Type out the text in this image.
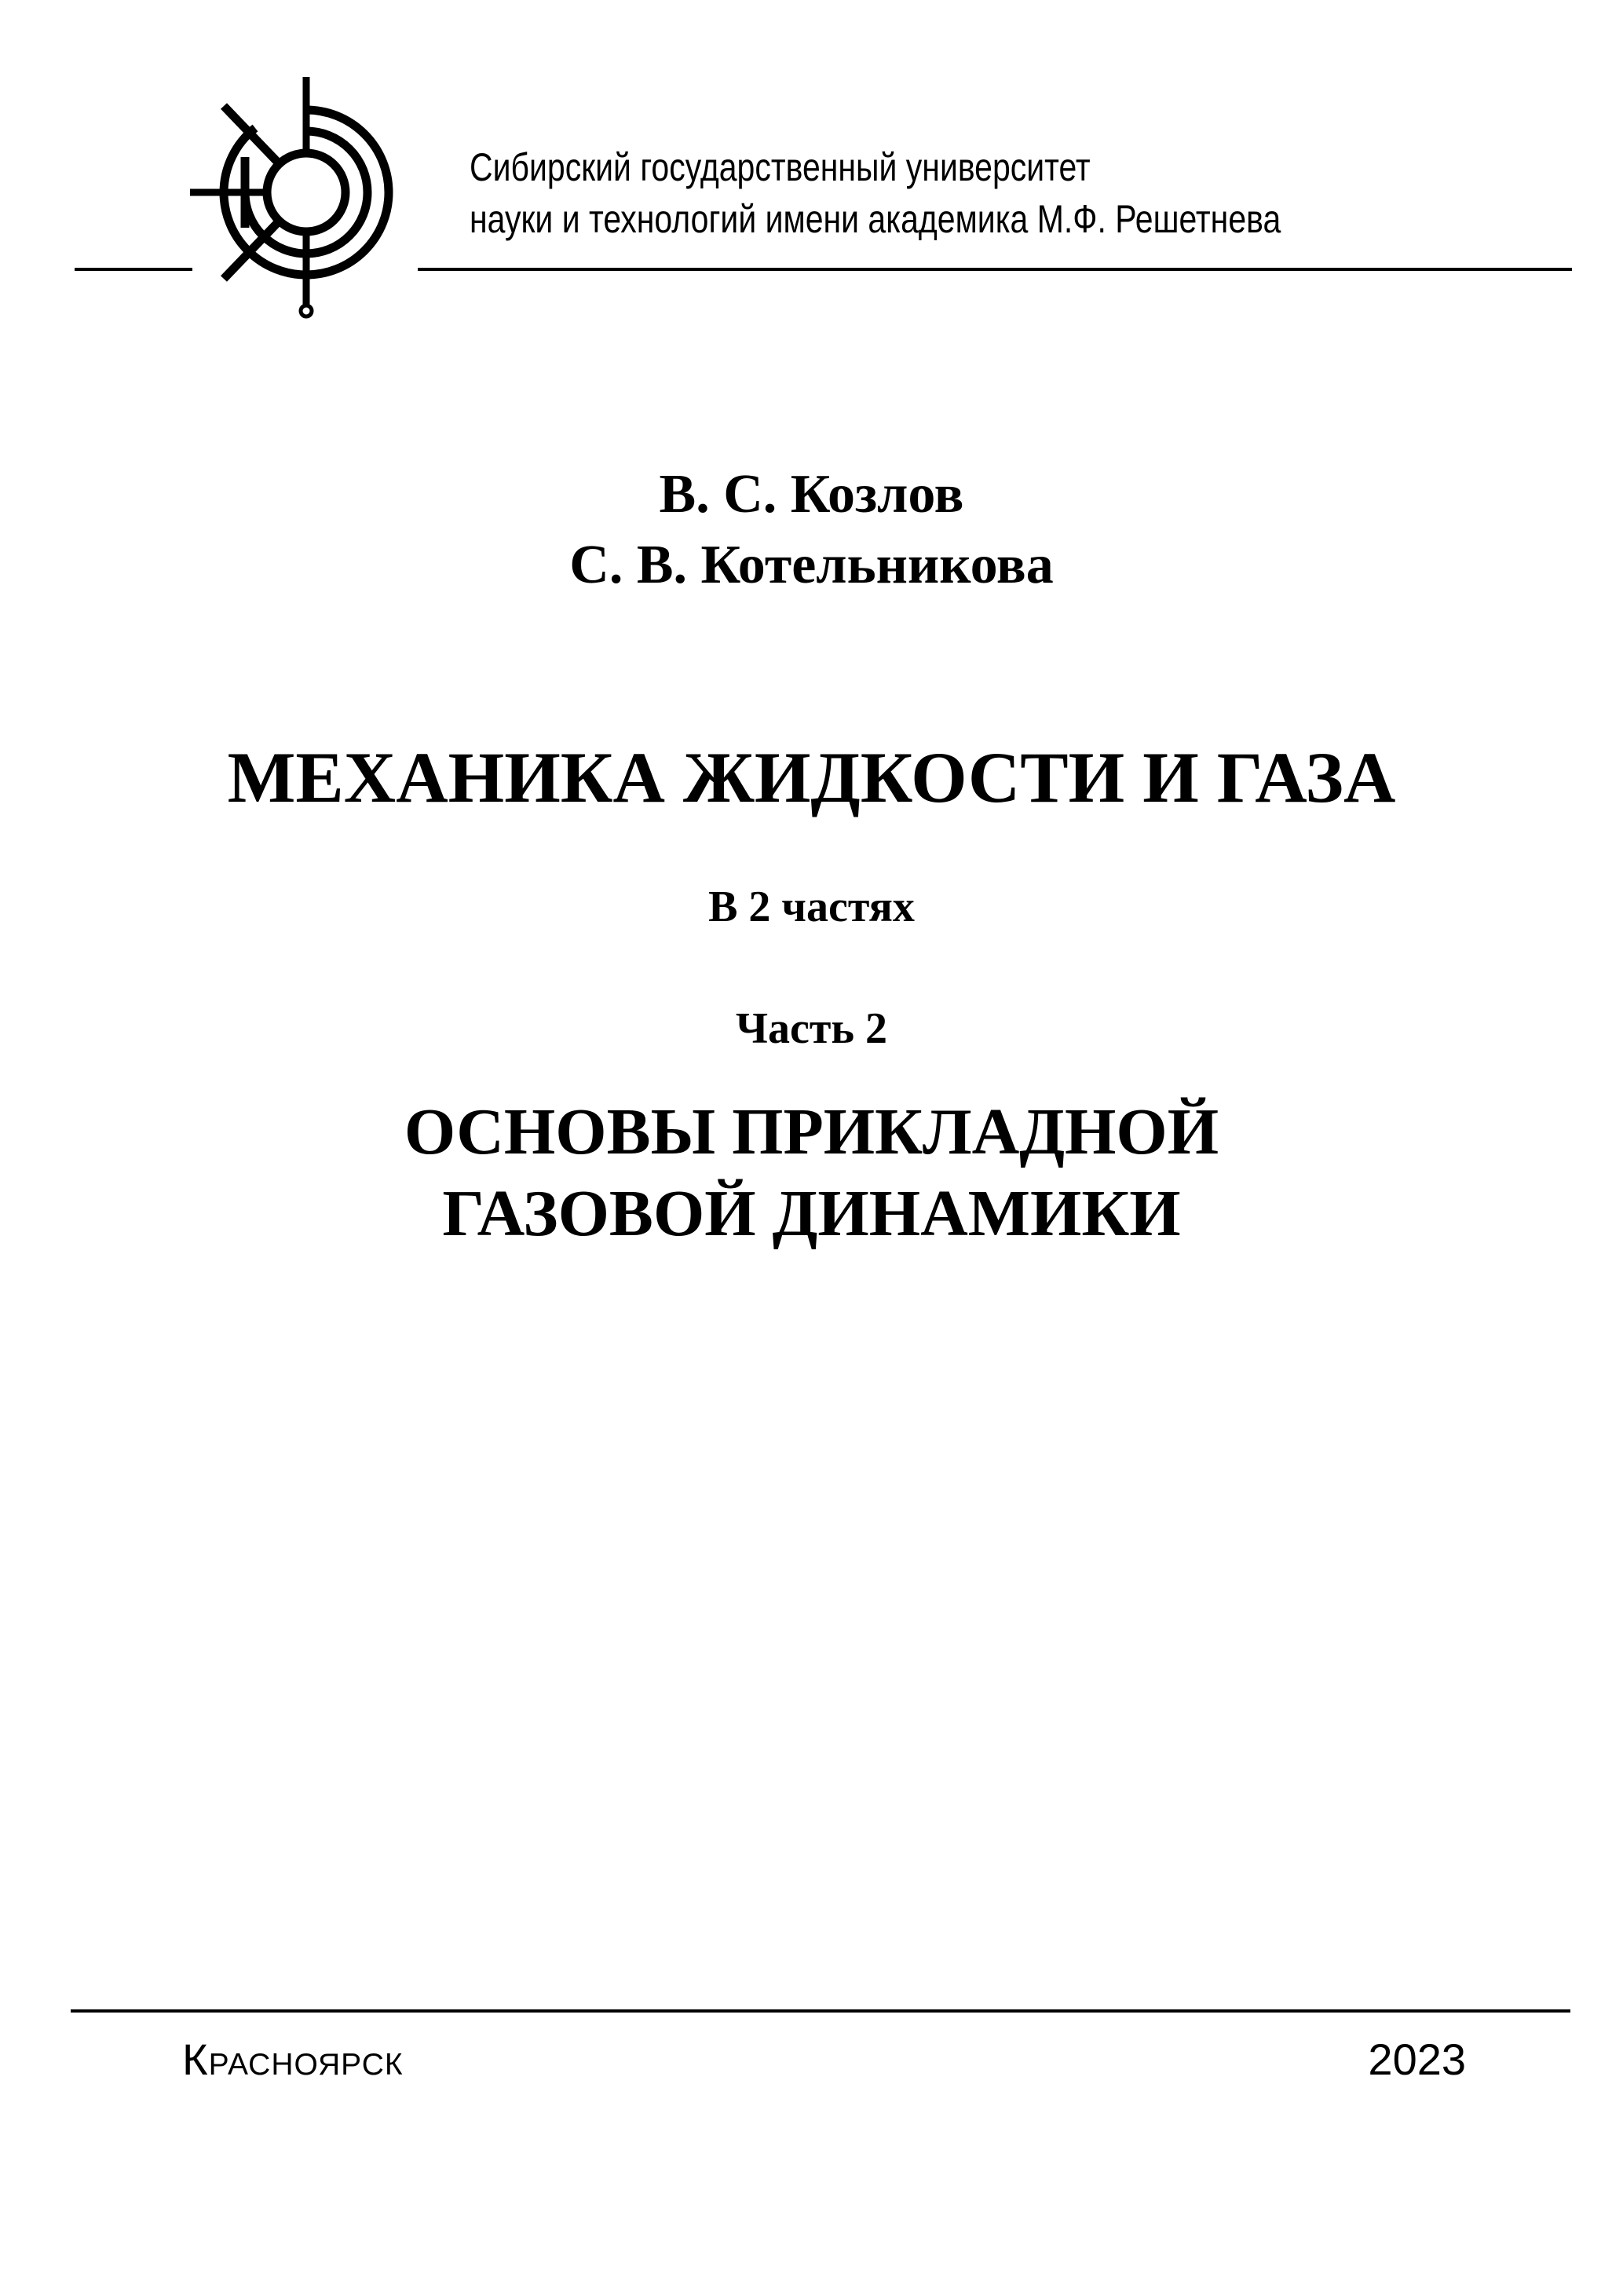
Сибирский государственный университет
науки и технологий имени академика М.Ф. Решетнева
В. С. Козлов
С. В. Котельникова
МЕХАНИКА ЖИДКОСТИ И ГАЗА
В 2 частях
Часть 2
ОСНОВЫ ПРИКЛАДНОЙ
ГАЗОВОЙ ДИНАМИКИ
Красноярск	2023
